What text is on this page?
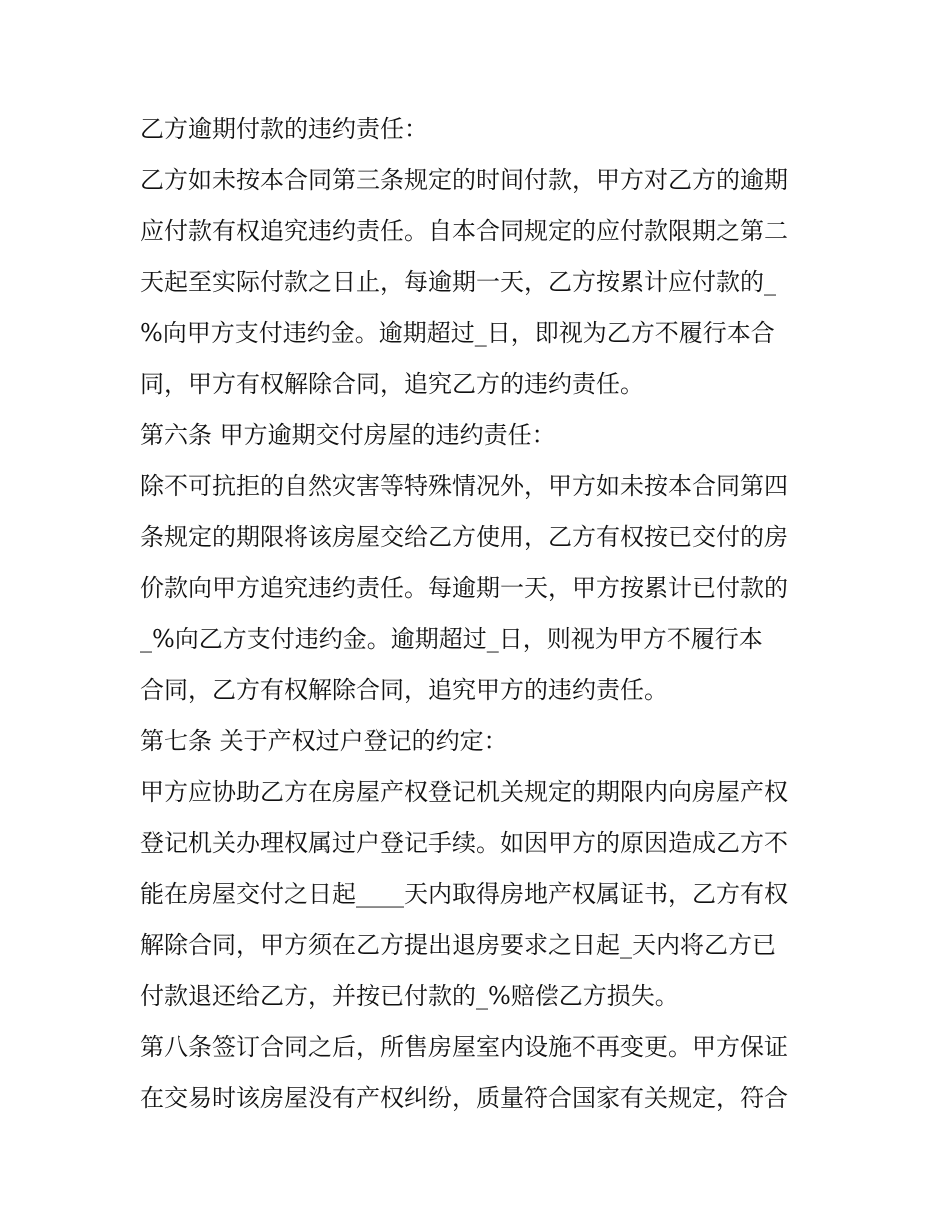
乙方逾期付款的违约责任：
乙方如未按本合同第三条规定的时间付款，甲方对乙方的逾期
应付款有权追究违约责任。自本合同规定的应付款限期之第二
天起至实际付款之日止，每逾期一天，乙方按累计应付款的_
%向甲方支付违约金。逾期超过_日，即视为乙方不履行本合
同，甲方有权解除合同，追究乙方的违约责任。
第六条 甲方逾期交付房屋的违约责任：
除不可抗拒的自然灾害等特殊情况外，甲方如未按本合同第四
条规定的期限将该房屋交给乙方使用，乙方有权按已交付的房
价款向甲方追究违约责任。每逾期一天，甲方按累计已付款的
_%向乙方支付违约金。逾期超过_日，则视为甲方不履行本
合同，乙方有权解除合同，追究甲方的违约责任。
第七条 关于产权过户登记的约定：
甲方应协助乙方在房屋产权登记机关规定的期限内向房屋产权
登记机关办理权属过户登记手续。如因甲方的原因造成乙方不
能在房屋交付之日起____天内取得房地产权属证书，乙方有权
解除合同，甲方须在乙方提出退房要求之日起_天内将乙方已
付款退还给乙方，并按已付款的_%赔偿乙方损失。
第八条签订合同之后，所售房屋室内设施不再变更。甲方保证
在交易时该房屋没有产权纠纷，质量符合国家有关规定，符合
